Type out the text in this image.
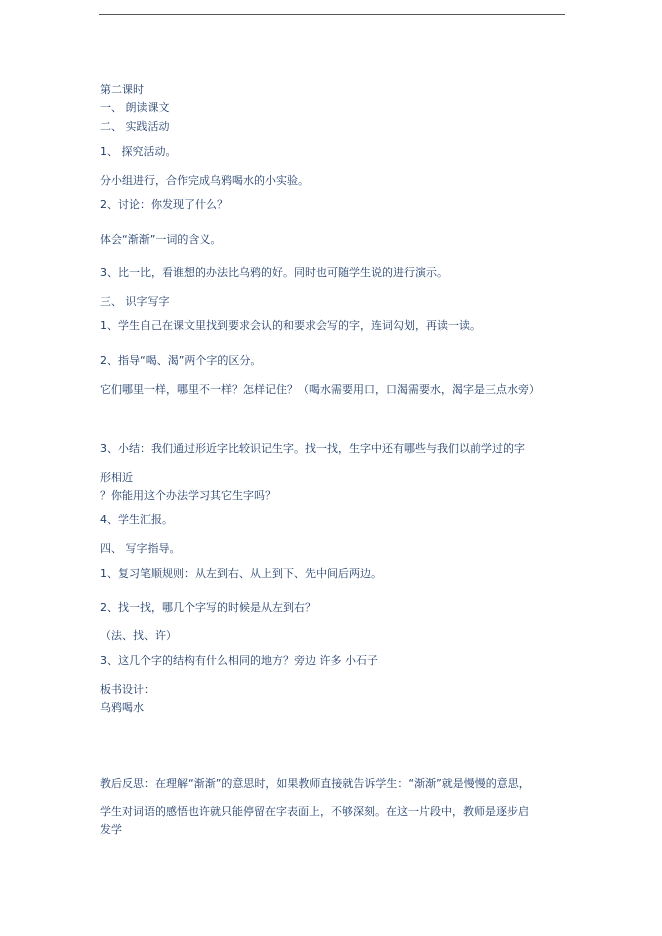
第二课时
一、 朗读课文
二、 实践活动
1、 探究活动。
分小组进行，合作完成乌鸦喝水的小实验。
2、讨论：你发现了什么？
体会“渐渐”一词的含义。
3、比一比，看谁想的办法比乌鸦的好。同时也可随学生说的进行演示。
三、 识字写字
1、学生自己在课文里找到要求会认的和要求会写的字，连词勾划，再读一读。
2、指导“喝、渴”两个字的区分。
它们哪里一样，哪里不一样？怎样记住？（喝水需要用口，口渴需要水，渴字是三点水旁）
3、小结：我们通过形近字比较识记生字。找一找，生字中还有哪些与我们以前学过的字
形相近
？你能用这个办法学习其它生字吗？
4、学生汇报。
四、 写字指导。
1、复习笔顺规则：从左到右、从上到下、先中间后两边。
2、找一找，哪几个字写的时候是从左到右？
（法、找、许）
3、这几个字的结构有什么相同的地方？旁边 许多 小石子
板书设计：
乌鸦喝水
教后反思：在理解“渐渐”的意思时，如果教师直接就告诉学生：“渐渐”就是慢慢的意思，
学生对词语的感悟也许就只能停留在字表面上，不够深刻。在这一片段中，教师是逐步启
发学
